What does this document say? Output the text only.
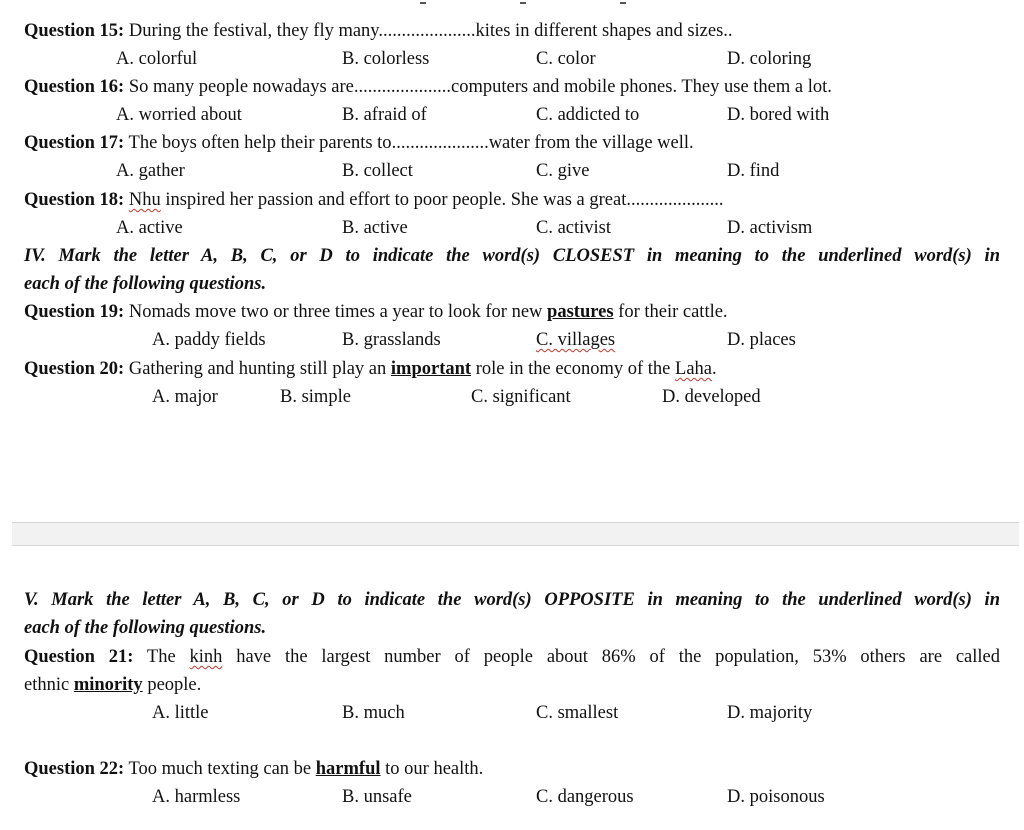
Question 15: During the festival, they fly many.....................kites in different shapes and sizes..
A. colorful	B. colorless	C. color	D. coloring
Question 16: So many people nowadays are.....................computers and mobile phones. They use them a lot.
A. worried about	B. afraid of	C. addicted to	D. bored with
Question 17: The boys often help their parents to.....................water from the village well.
A. gather	B. collect	C. give	D. find
Question 18: Nhu inspired her passion and effort to poor people. She was a great.....................
A. active	B. active	C. activist	D. activism
IV. Mark the letter A, B, C, or D to indicate the word(s) CLOSEST in meaning to the underlined word(s) in
each of the following questions.
Question 19: Nomads move two or three times a year to look for new pastures for their cattle.
A. paddy fields	B. grasslands	C. villages	D. places
Question 20: Gathering and hunting still play an important role in the economy of the Laha.
A. major	B. simple	C. significant	D. developed
V. Mark the letter A, B, C, or D to indicate the word(s) OPPOSITE in meaning to the underlined word(s) in
each of the following questions.
Question 21: The kinh have the largest number of people about 86% of the population, 53% others are called
ethnic minority people.
A. little	B. much	C. smallest	D. majority
Question 22: Too much texting can be harmful to our health.
A. harmless	B. unsafe	C. dangerous	D. poisonous
